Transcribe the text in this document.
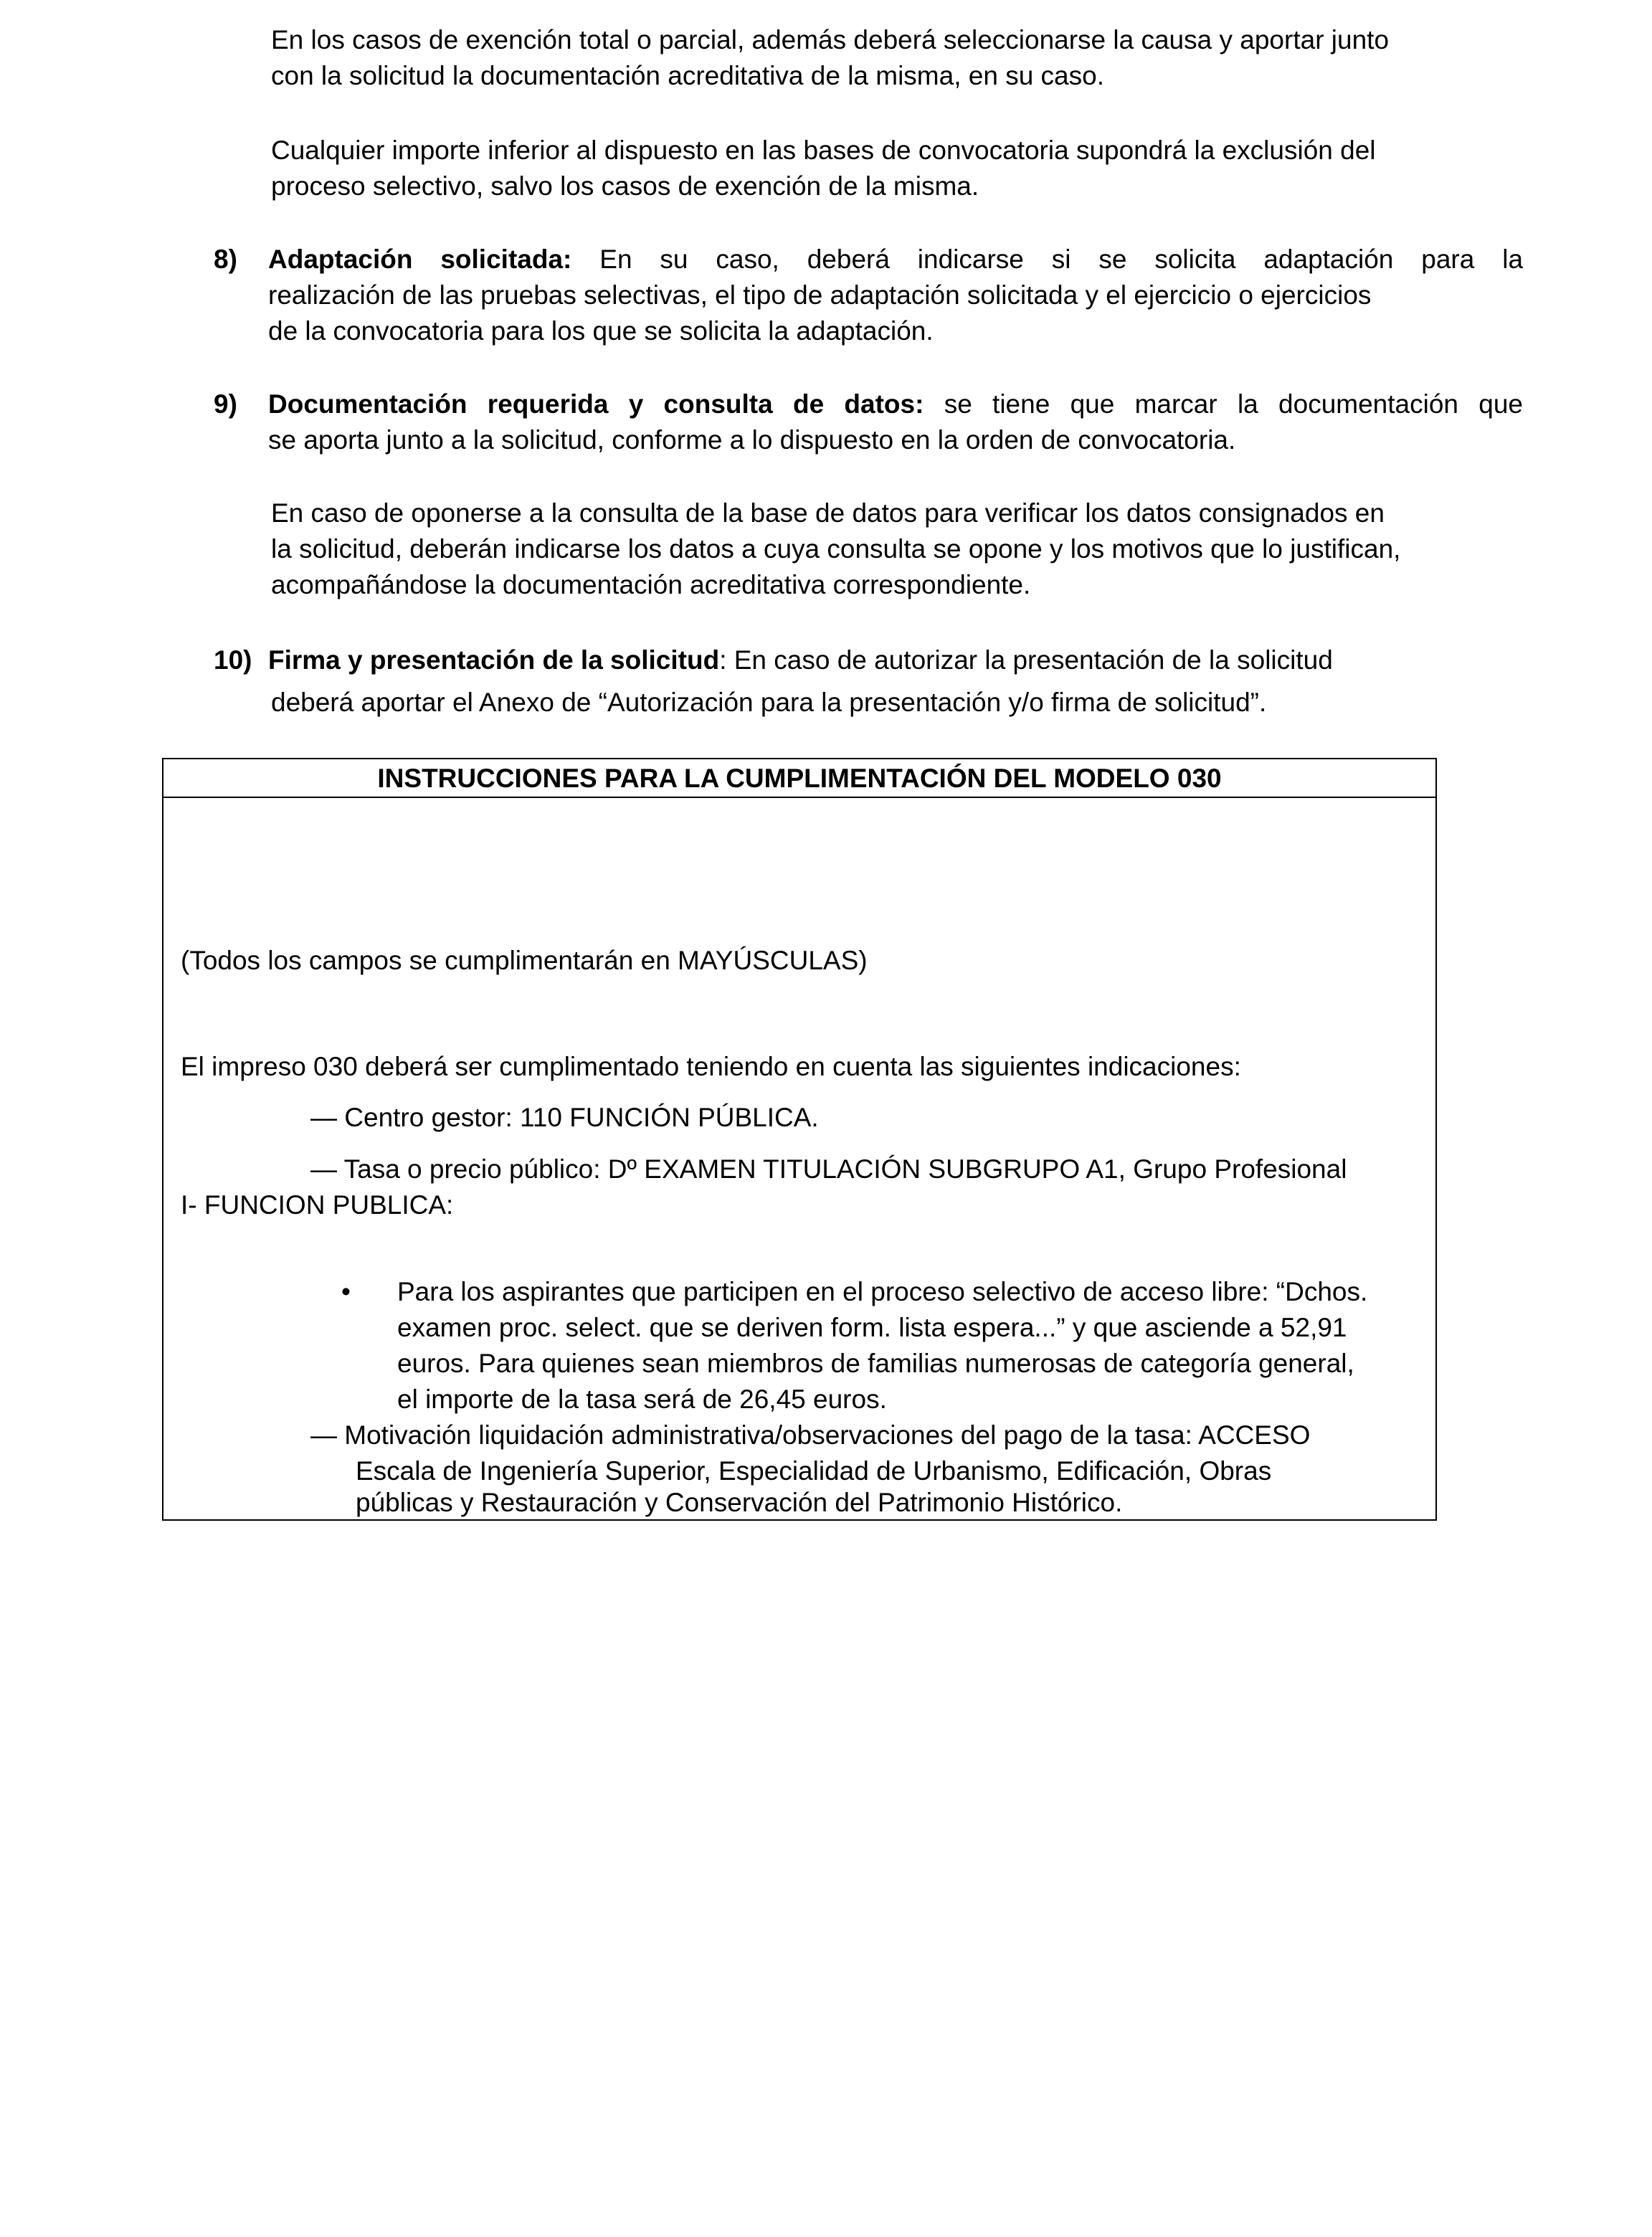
En los casos de exención total o parcial, además deberá seleccionarse la causa y aportar junto
con la solicitud la documentación acreditativa de la misma, en su caso.
Cualquier importe inferior al dispuesto en las bases de convocatoria supondrá la exclusión del
proceso selectivo, salvo los casos de exención de la misma.
8) Adaptación solicitada: En su caso, deberá indicarse si se solicita adaptación para la
realización de las pruebas selectivas, el tipo de adaptación solicitada y el ejercicio o ejercicios
de la convocatoria para los que se solicita la adaptación.
9) Documentación requerida y consulta de datos: se tiene que marcar la documentación que
se aporta junto a la solicitud, conforme a lo dispuesto en la orden de convocatoria.
En caso de oponerse a la consulta de la base de datos para verificar los datos consignados en
la solicitud, deberán indicarse los datos a cuya consulta se opone y los motivos que lo justifican,
acompañándose la documentación acreditativa correspondiente.
10) Firma y presentación de la solicitud: En caso de autorizar la presentación de la solicitud
deberá aportar el Anexo de “Autorización para la presentación y/o firma de solicitud”.
INSTRUCCIONES PARA LA CUMPLIMENTACIÓN DEL MODELO 030
(Todos los campos se cumplimentarán en MAYÚSCULAS)
El impreso 030 deberá ser cumplimentado teniendo en cuenta las siguientes indicaciones:
— Centro gestor: 110 FUNCIÓN PÚBLICA.
— Tasa o precio público: Dº EXAMEN TITULACIÓN SUBGRUPO A1, Grupo Profesional
I- FUNCION PUBLICA:
• Para los aspirantes que participen en el proceso selectivo de acceso libre: “Dchos.
examen proc. select. que se deriven form. lista espera...” y que asciende a 52,91
euros. Para quienes sean miembros de familias numerosas de categoría general,
el importe de la tasa será de 26,45 euros.
— Motivación liquidación administrativa/observaciones del pago de la tasa: ACCESO
Escala de Ingeniería Superior, Especialidad de Urbanismo, Edificación, Obras
públicas y Restauración y Conservación del Patrimonio Histórico.
